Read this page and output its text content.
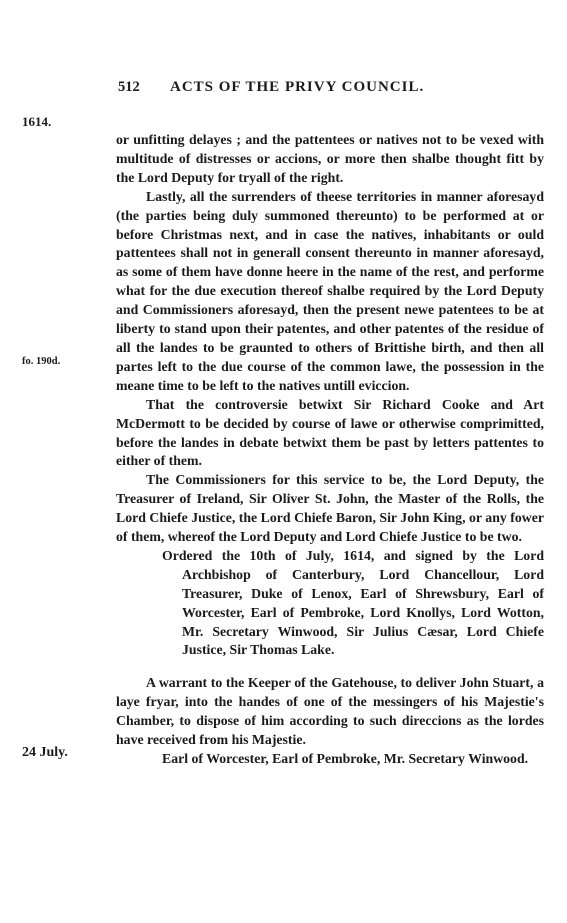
512 ACTS OF THE PRIVY COUNCIL.
1614.
fo. 190d.
24 July.

or unfitting delayes ; and the pattentees or natives not to be vexed with multitude of distresses or accions, or more then shalbe thought fitt by the Lord Deputy for tryall of the right.

Lastly, all the surrenders of theese territories in manner aforesayd (the parties being duly summoned thereunto) to be performed at or before Christmas next, and in case the natives, inhabitants or ould pattentees shall not in generall consent thereunto in manner aforesayd, as some of them have donne heere in the name of the rest, and performe what for the due execution thereof shalbe required by the Lord Deputy and Commissioners aforesayd, then the present newe patentees to be at liberty to stand upon their patentes, and other patentes of the residue of all the landes to be graunted to others of Brittishe birth, and then all partes left to the due course of the common lawe, the possession in the meane time to be left to the natives untill eviccion.

That the controversie betwixt Sir Richard Cooke and Art McDermott to be decided by course of lawe or otherwise comprimitted, before the landes in debate betwixt them be past by letters pattentes to either of them.

The Commissioners for this service to be, the Lord Deputy, the Treasurer of Ireland, Sir Oliver St. John, the Master of the Rolls, the Lord Chiefe Justice, the Lord Chiefe Baron, Sir John King, or any fower of them, whereof the Lord Deputy and Lord Chiefe Justice to be two.

Ordered the 10th of July, 1614, and signed by the Lord Archbishop of Canterbury, Lord Chancellour, Lord Treasurer, Duke of Lenox, Earl of Shrewsbury, Earl of Worcester, Earl of Pembroke, Lord Knollys, Lord Wotton, Mr. Secretary Winwood, Sir Julius Cæsar, Lord Chiefe Justice, Sir Thomas Lake.

A warrant to the Keeper of the Gatehouse, to deliver John Stuart, a laye fryar, into the handes of one of the messingers of his Majestie's Chamber, to dispose of him according to such direccions as the lordes have received from his Majestie.

Earl of Worcester, Earl of Pembroke, Mr. Secretary Winwood.
